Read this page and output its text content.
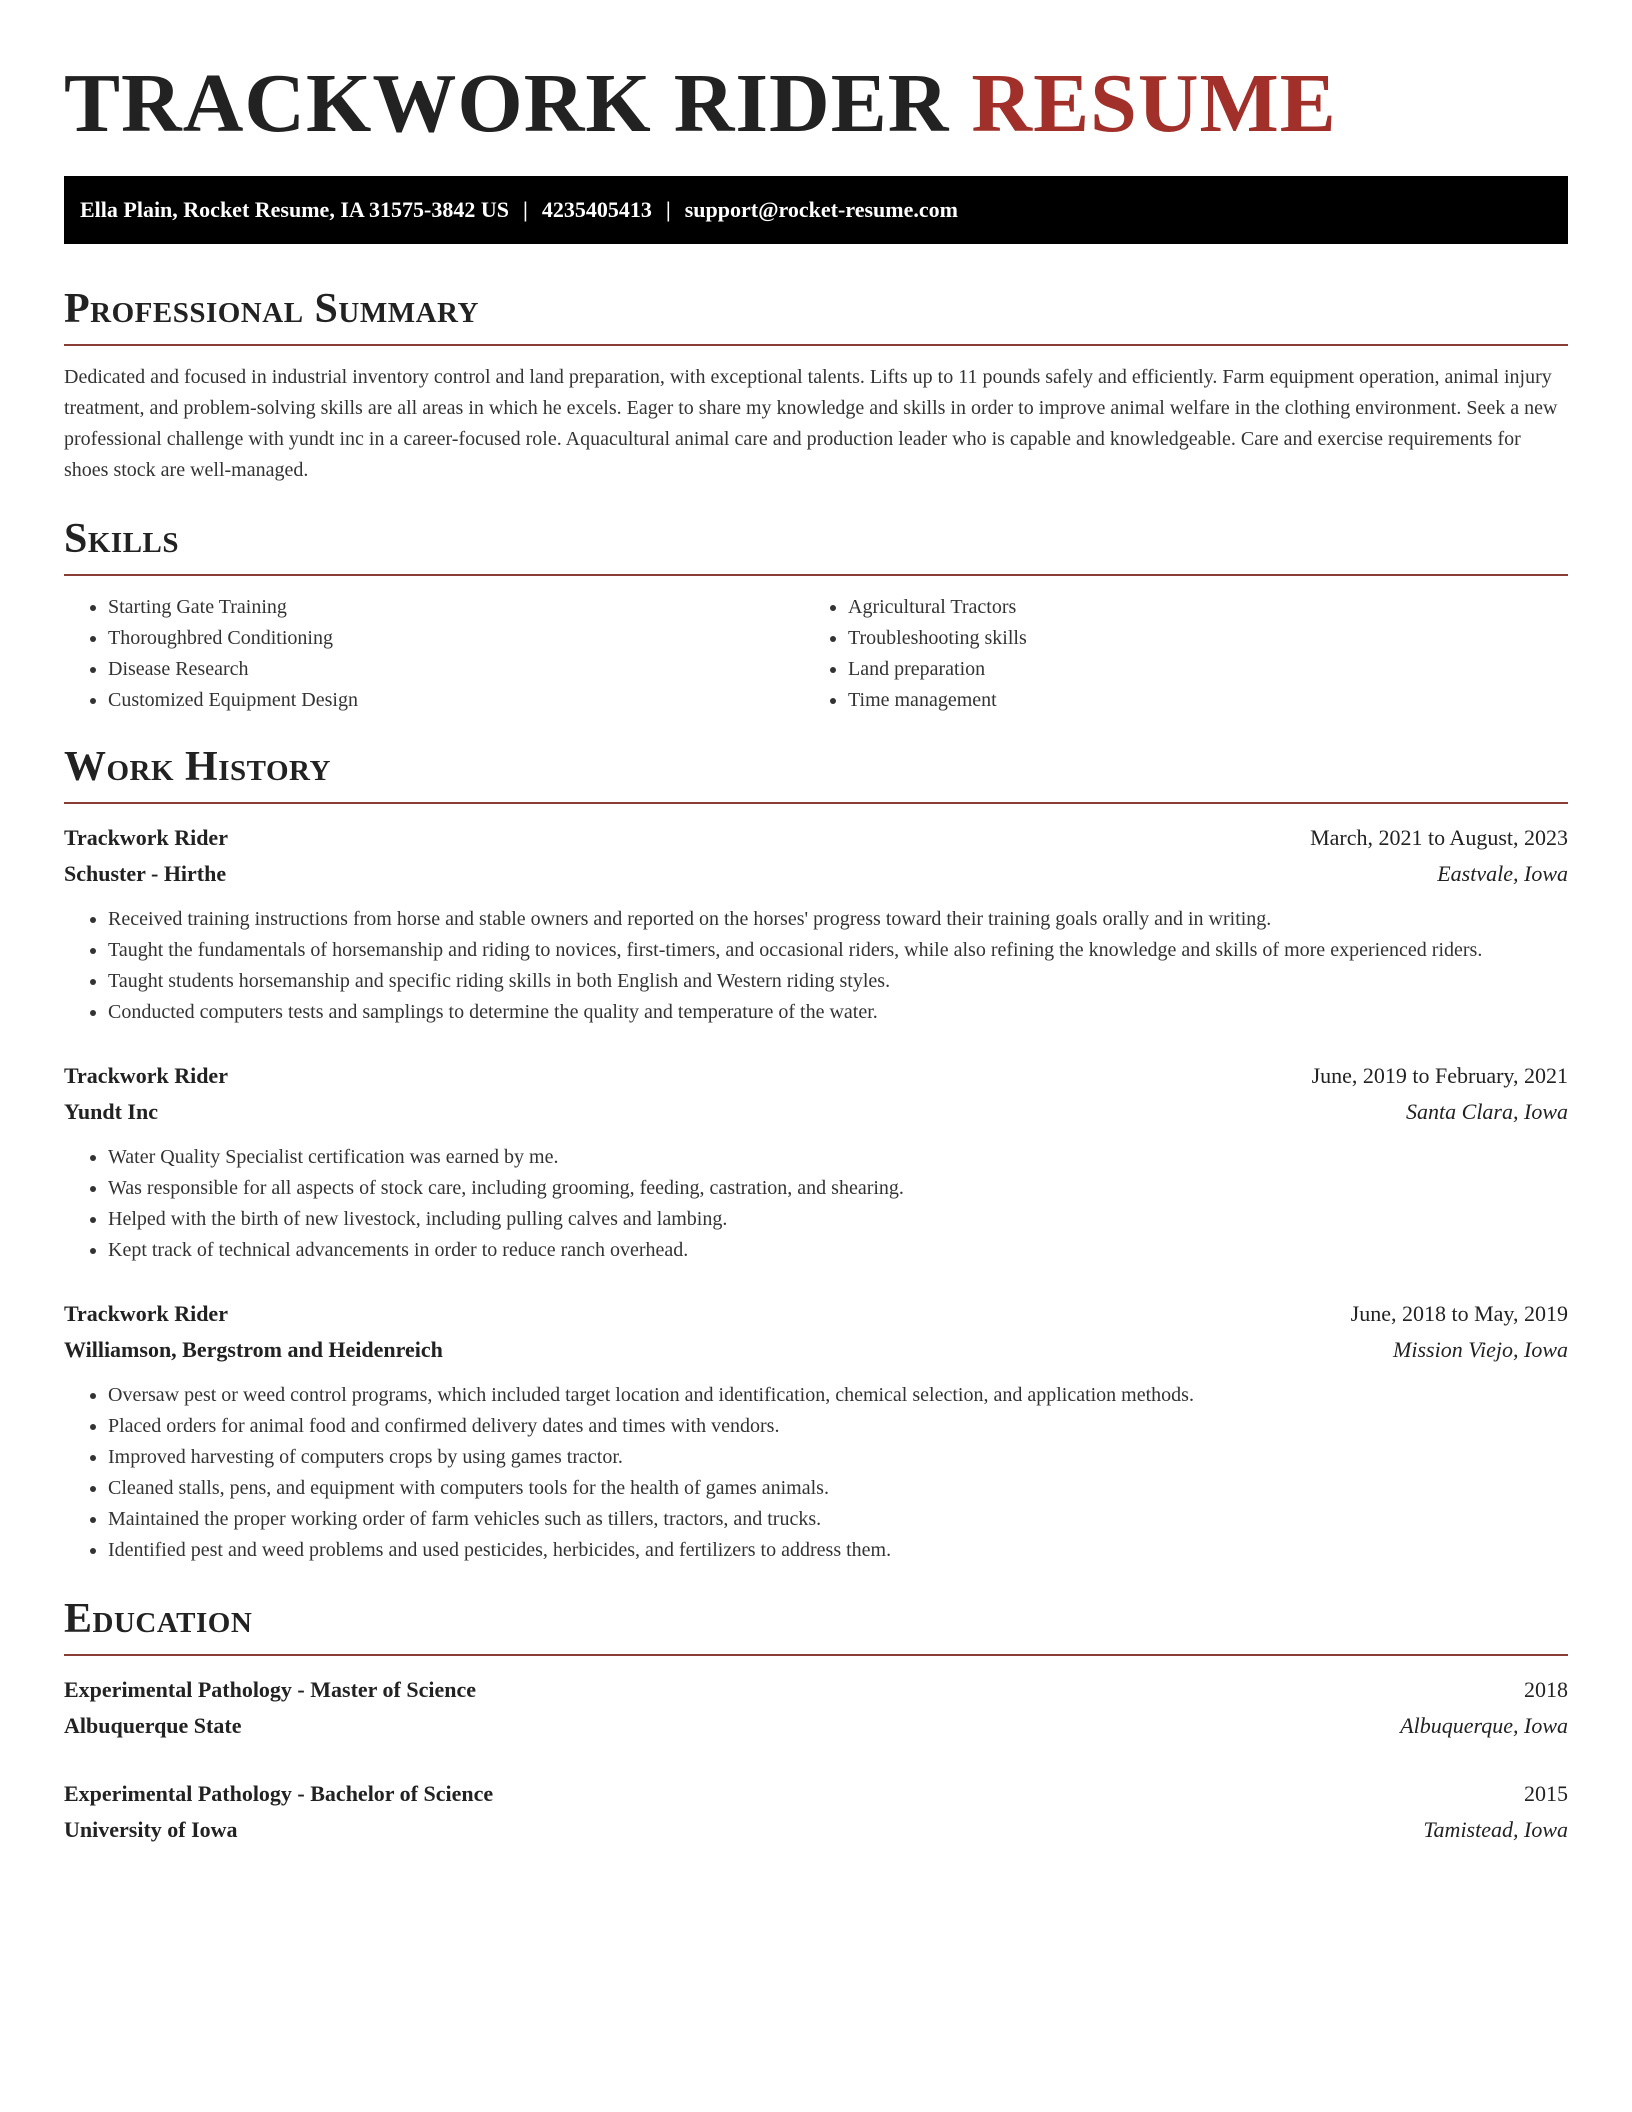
TRACKWORK RIDER RESUME
Ella Plain, Rocket Resume, IA 31575-3842 US | 4235405413 | support@rocket-resume.com
Professional Summary

Dedicated and focused in industrial inventory control and land preparation, with exceptional talents. Lifts up to 11 pounds safely and efficiently. Farm equipment operation, animal injury treatment, and problem-solving skills are all areas in which he excels. Eager to share my knowledge and skills in order to improve animal welfare in the clothing environment. Seek a new professional challenge with yundt inc in a career-focused role. Aquacultural animal care and production leader who is capable and knowledgeable. Care and exercise requirements for shoes stock are well-managed.

Skills
• Starting Gate Training
• Thoroughbred Conditioning
• Disease Research
• Customized Equipment Design
• Agricultural Tractors
• Troubleshooting skills
• Land preparation
• Time management
Work History
Trackwork Rider	March, 2021 to August, 2023
Schuster - Hirthe	Eastvale, Iowa
• Received training instructions from horse and stable owners and reported on the horses' progress toward their training goals orally and in writing.
• Taught the fundamentals of horsemanship and riding to novices, first-timers, and occasional riders, while also refining the knowledge and skills of more experienced riders.
• Taught students horsemanship and specific riding skills in both English and Western riding styles.
• Conducted computers tests and samplings to determine the quality and temperature of the water.
Trackwork Rider	June, 2019 to February, 2021
Yundt Inc	Santa Clara, Iowa
• Water Quality Specialist certification was earned by me.
• Was responsible for all aspects of stock care, including grooming, feeding, castration, and shearing.
• Helped with the birth of new livestock, including pulling calves and lambing.
• Kept track of technical advancements in order to reduce ranch overhead.
Trackwork Rider	June, 2018 to May, 2019
Williamson, Bergstrom and Heidenreich	Mission Viejo, Iowa
• Oversaw pest or weed control programs, which included target location and identification, chemical selection, and application methods.
• Placed orders for animal food and confirmed delivery dates and times with vendors.
• Improved harvesting of computers crops by using games tractor.
• Cleaned stalls, pens, and equipment with computers tools for the health of games animals.
• Maintained the proper working order of farm vehicles such as tillers, tractors, and trucks.
• Identified pest and weed problems and used pesticides, herbicides, and fertilizers to address them.
Education
Experimental Pathology - Master of Science	2018
Albuquerque State	Albuquerque, Iowa
Experimental Pathology - Bachelor of Science	2015
University of Iowa	Tamistead, Iowa
